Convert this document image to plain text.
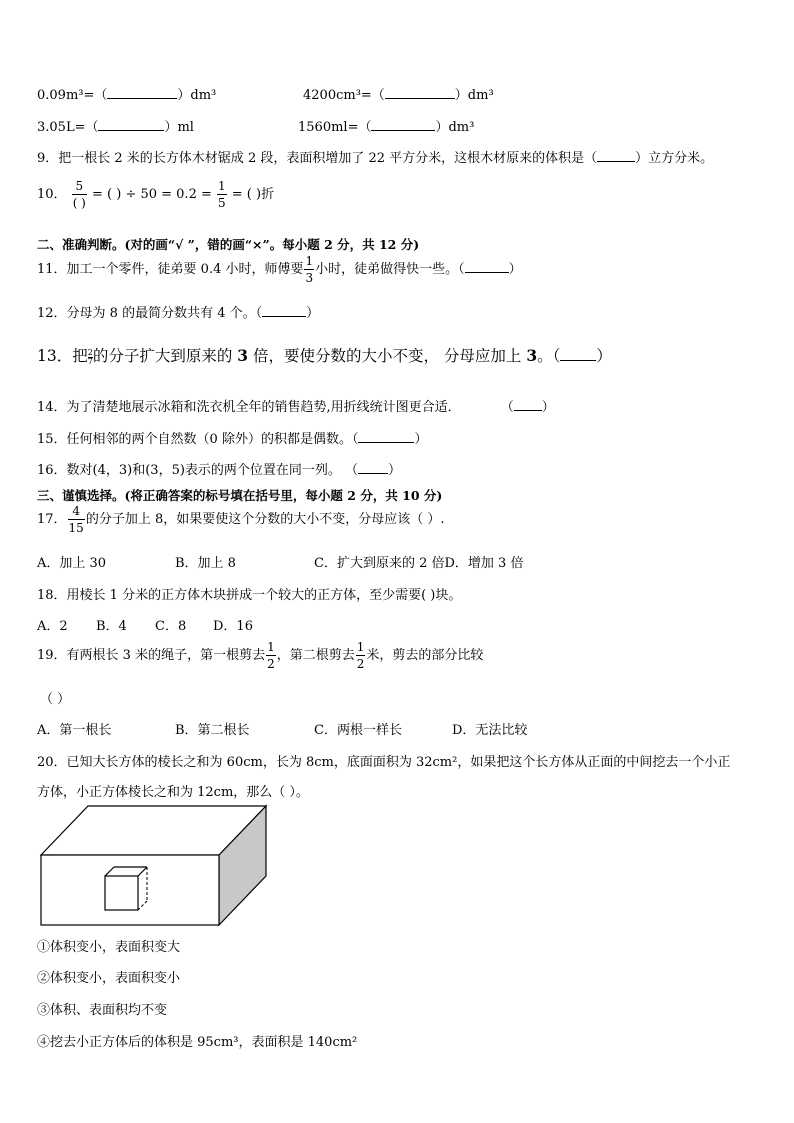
0.09m³=（	）dm³	4200cm³=（	）dm³
3.05L=（	）ml	1560ml=（	）dm³
9．把一根长 2 米的长方体木材锯成 2 段，表面积增加了 22 平方分米，这根木材原来的体积是（	）立方分米。
10． $\frac{5}{( )}$ = ( ) ÷ $50 = 0.2 = \frac{1}{5}$ = ( )折
二、准确判断。(对的画“√ ”，错的画“×”。每小题 2 分，共 12 分)
11．加工一个零件，徒弟要 0.4 小时，师傅要 $\frac{1}{3}$ 小时，徒弟做得快一些。（	）
12．分母为 8 的最简分数共有 4 个。（	）
13．把 $\frac{2}{7}$ 的分子扩大到原来的 3 倍，要使分数的大小不变， 分母应加上 3。（ ）
14．为了清楚地展示冰箱和洗衣机全年的销售趋势,用折线统计图更合适．	（ ）
15．任何相邻的两个自然数（0 除外）的积都是偶数。（	）
16．数对(4，3)和(3，5)表示的两个位置在同一列。 （ ）
三、谨慎选择。(将正确答案的标号填在括号里，每小题 2 分，共 10 分)
17． $\frac{4}{15}$ 的分子加上 8，如果要使这个分数的大小不变，分母应该（ ）.
A．加上 30	B．加上 8	C．扩大到原来的 2 倍D．增加 3 倍
18．用棱长 1 分米的正方体木块拼成一个较大的正方体，至少需要( )块。
A．2 B．4 C．8 D．16
19．有两根长 3 米的绳子，第一根剪去 $\frac{1}{2}$ ，第二根剪去 $\frac{1}{2}$ 米，剪去的部分比较
（ ）
A．第一根长	B．第二根长	C．两根一样长	D．无法比较
20．已知大长方体的棱长之和为 60cm，长为 8cm，底面面积为 32cm²，如果把这个长方体从正面的中间挖去一个小正
方体，小正方体棱长之和为 12cm，那么（ ）。
①体积变小，表面积变大
②体积变小，表面积变小
③体积、表面积均不变
④挖去小正方体后的体积是 95cm³，表面积是 140cm²
